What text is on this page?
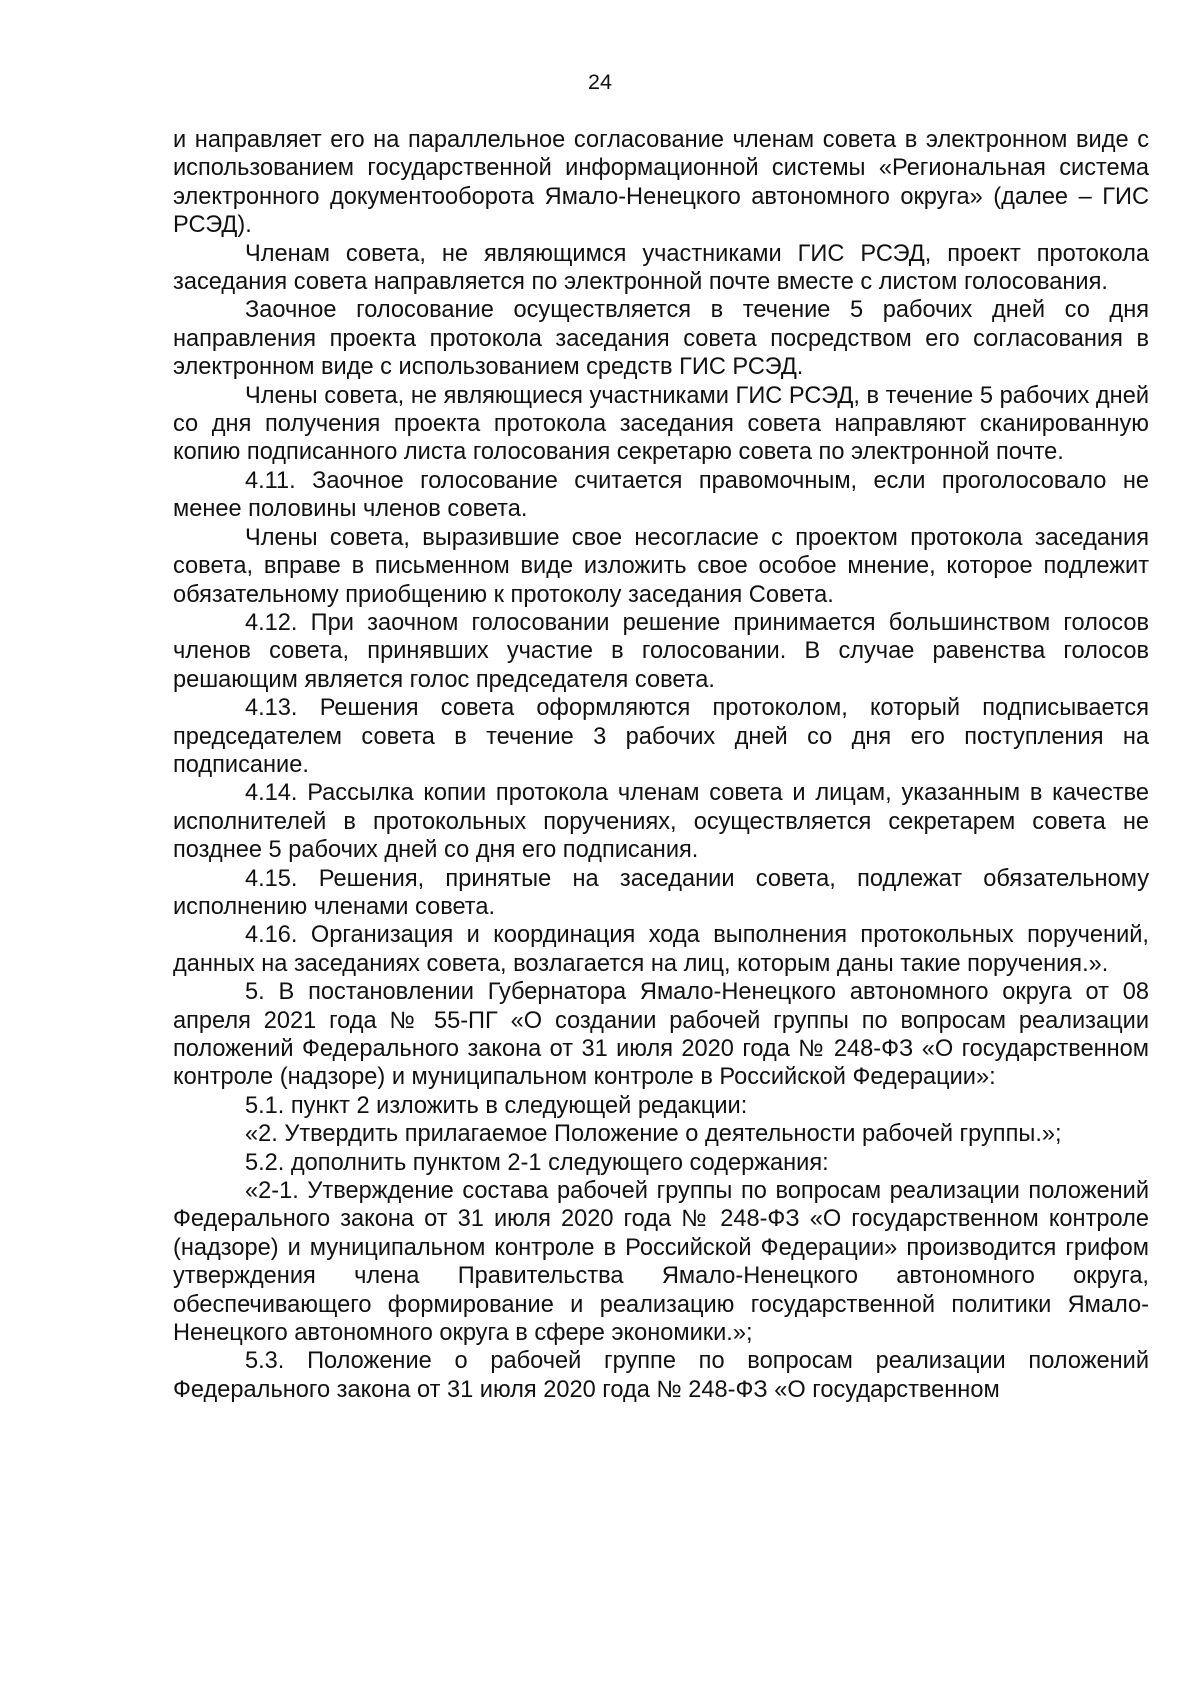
24

и направляет его на параллельное согласование членам совета в электронном виде с использованием государственной информационной системы «Региональная система электронного документооборота Ямало-Ненецкого автономного округа» (далее – ГИС РСЭД).

Членам совета, не являющимся участниками ГИС РСЭД, проект протокола заседания совета направляется по электронной почте вместе с листом голосования.

Заочное голосование осуществляется в течение 5 рабочих дней со дня направления проекта протокола заседания совета посредством его согласования в электронном виде с использованием средств ГИС РСЭД.

Члены совета, не являющиеся участниками ГИС РСЭД, в течение 5 рабочих дней со дня получения проекта протокола заседания совета направляют сканированную копию подписанного листа голосования секретарю совета по электронной почте.

4.11. Заочное голосование считается правомочным, если проголосовало не менее половины членов совета.

Члены совета, выразившие свое несогласие с проектом протокола заседания совета, вправе в письменном виде изложить свое особое мнение, которое подлежит обязательному приобщению к протоколу заседания Совета.

4.12. При заочном голосовании решение принимается большинством голосов членов совета, принявших участие в голосовании. В случае равенства голосов решающим является голос председателя совета.

4.13. Решения совета оформляются протоколом, который подписывается председателем совета в течение 3 рабочих дней со дня его поступления на подписание.

4.14. Рассылка копии протокола членам совета и лицам, указанным в качестве исполнителей в протокольных поручениях, осуществляется секретарем совета не позднее 5 рабочих дней со дня его подписания.

4.15. Решения, принятые на заседании совета, подлежат обязательному исполнению членами совета.

4.16. Организация и координация хода выполнения протокольных поручений, данных на заседаниях совета, возлагается на лиц, которым даны такие поручения.».

5. В постановлении Губернатора Ямало-Ненецкого автономного округа от 08 апреля 2021 года № 55-ПГ «О создании рабочей группы по вопросам реализации положений Федерального закона от 31 июля 2020 года № 248-ФЗ «О государственном контроле (надзоре) и муниципальном контроле в Российской Федерации»:

5.1. пункт 2 изложить в следующей редакции:

«2. Утвердить прилагаемое Положение о деятельности рабочей группы.»;

5.2. дополнить пунктом 2-1 следующего содержания:

«2-1. Утверждение состава рабочей группы по вопросам реализации положений Федерального закона от 31 июля 2020 года № 248-ФЗ «О государственном контроле (надзоре) и муниципальном контроле в Российской Федерации» производится грифом утверждения члена Правительства Ямало-Ненецкого автономного округа, обеспечивающего формирование и реализацию государственной политики Ямало-Ненецкого автономного округа в сфере экономики.»;

5.3. Положение о рабочей группе по вопросам реализации положений Федерального закона от 31 июля 2020 года № 248-ФЗ «О государственном
